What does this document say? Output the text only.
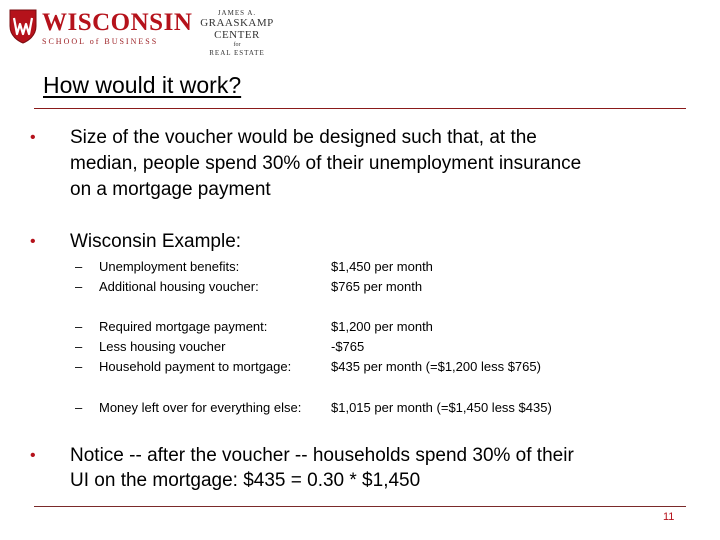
WISCONSIN
SCHOOL of BUSINESS
JAMES A.
GRAASKAMP CENTER
for
REAL ESTATE
How would it work?
• Size of the voucher would be designed such that, at the
median, people spend 30% of their unemployment insurance
on a mortgage payment
• Wisconsin Example:
– Unemployment benefits:	$1,450 per month
– Additional housing voucher:	$765 per month
– Required mortgage payment:	$1,200 per month
– Less housing voucher	-$765
– Household payment to mortgage:	$435 per month (=$1,200 less $765)
– Money left over for everything else: $1,015 per month (=$1,450 less $435)
• Notice -- after the voucher -- households spend 30% of their
UI on the mortgage: $435 = 0.30 * $1,450
11
